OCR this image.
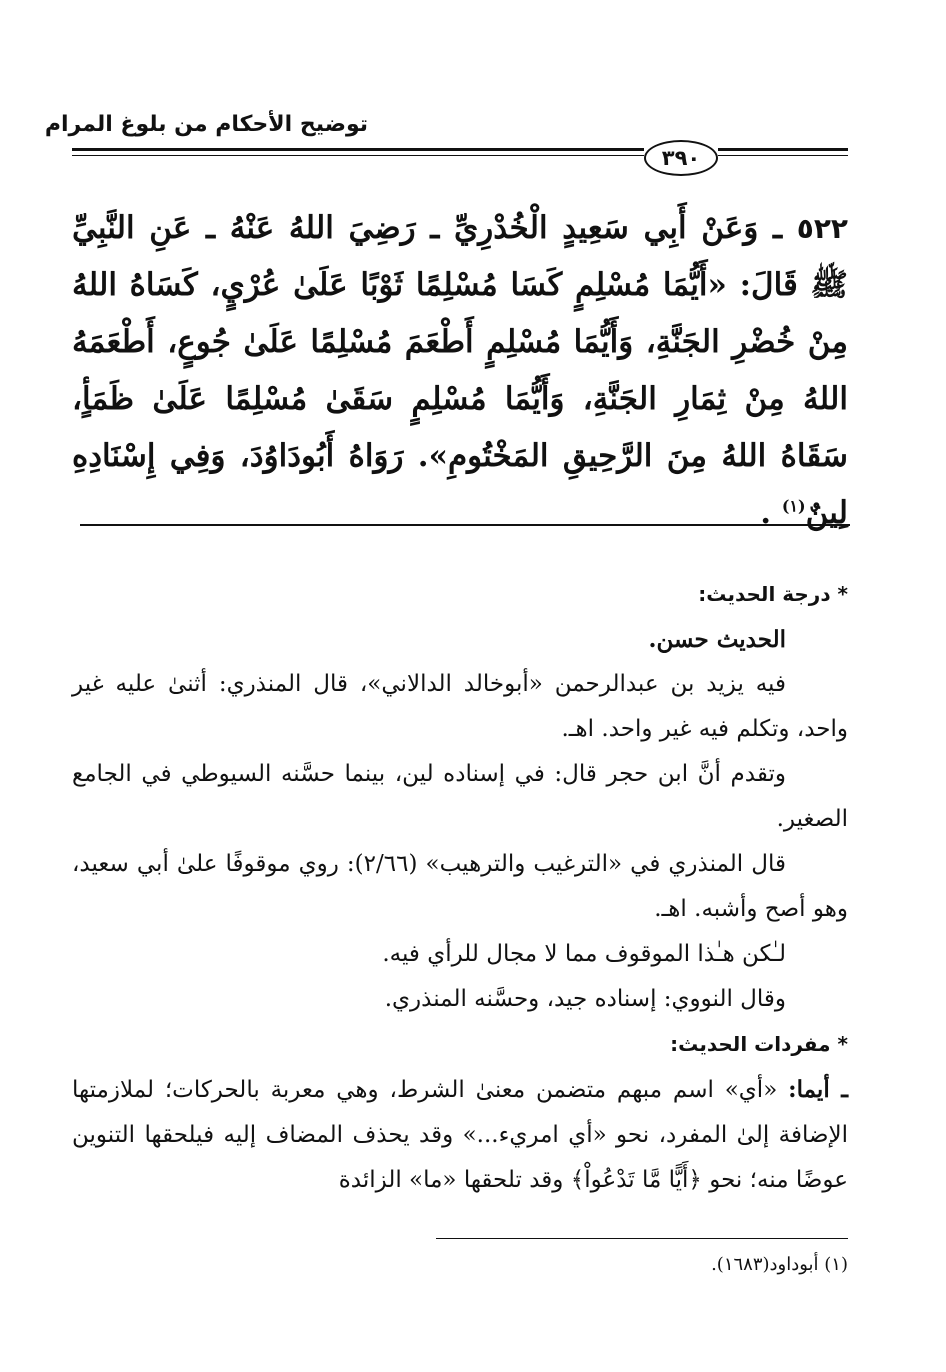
توضيح الأحكام من بلوغ المرام
٣٩٠
٥٢٢ ـ وَعَنْ أَبِي سَعِيدٍ الْخُدْرِيِّ ـ رَضِيَ اللهُ عَنْهُ ـ عَنِ النَّبِيِّ ﷺ قَالَ: «أَيُّمَا مُسْلِمٍ كَسَا مُسْلِمًا ثَوْبًا عَلَىٰ عُرْيٍ، كَسَاهُ اللهُ مِنْ خُضْرِ الجَنَّةِ، وَأَيُّمَا مُسْلِمٍ أَطْعَمَ مُسْلِمًا عَلَىٰ جُوعٍ، أَطْعَمَهُ اللهُ مِنْ ثِمَارِ الجَنَّةِ، وَأَيُّمَا مُسْلِمٍ سَقَىٰ مُسْلِمًا عَلَىٰ ظَمَأٍ، سَقَاهُ اللهُ مِنَ الرَّحِيقِ المَخْتُومِ». رَوَاهُ أَبُودَاوُدَ، وَفِي إِسْنَادِهِ لِينٌ$^{(١)}$ .

* درجة الحديث:

الحديث حسن.

فيه يزيد بن عبدالرحمن «أبوخالد الدالاني»، قال المنذري: أثنىٰ عليه غير واحد، وتكلم فيه غير واحد. اهـ.

وتقدم أنَّ ابن حجر قال: في إسناده لين، بينما حسَّنه السيوطي في الجامع الصغير.

قال المنذري في «الترغيب والترهيب» (٢/٦٦): روي موقوفًا علىٰ أبي سعيد، وهو أصح وأشبه. اهـ.

لـٰكن هـٰذا الموقوف مما لا مجال للرأي فيه.

وقال النووي: إسناده جيد، وحسَّنه المنذري.

* مفردات الحديث:

ـ أيما: «أي» اسم مبهم متضمن معنىٰ الشرط، وهي معربة بالحركات؛ لملازمتها الإضافة إلىٰ المفرد، نحو «أي امريء...» وقد يحذف المضاف إليه فيلحقها التنوين عوضًا منه؛ نحو ﴿أَيًّا مَّا تَدْعُواْ﴾ وقد تلحقها «ما» الزائدة

(١) أبوداود(١٦٨٣).
